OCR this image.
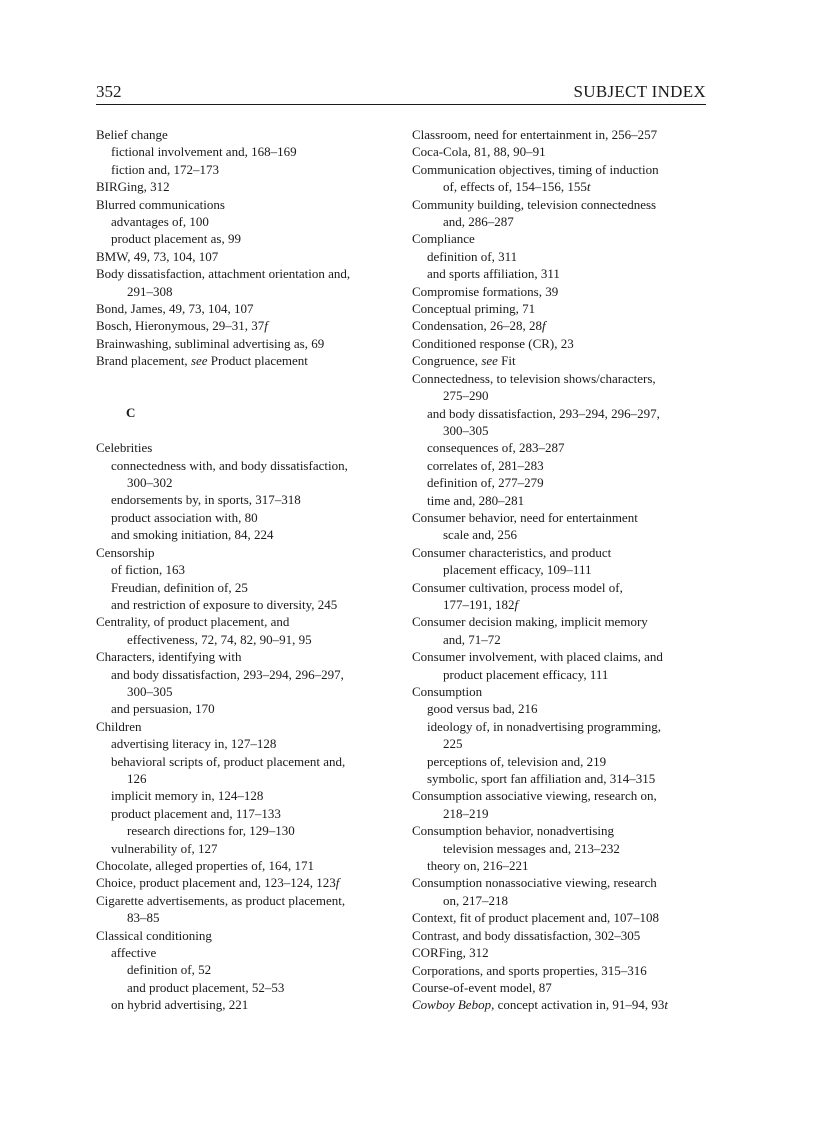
352	SUBJECT INDEX
Belief change
fictional involvement and, 168–169
fiction and, 172–173
BIRGing, 312
Blurred communications
advantages of, 100
product placement as, 99
BMW, 49, 73, 104, 107
Body dissatisfaction, attachment orientation and,
291–308
Bond, James, 49, 73, 104, 107
Bosch, Hieronymous, 29–31, 37f
Brainwashing, subliminal advertising as, 69
Brand placement, see Product placement
C
Celebrities
connectedness with, and body dissatisfaction,
300–302
endorsements by, in sports, 317–318
product association with, 80
and smoking initiation, 84, 224
Censorship
of fiction, 163
Freudian, definition of, 25
and restriction of exposure to diversity, 245
Centrality, of product placement, and
effectiveness, 72, 74, 82, 90–91, 95
Characters, identifying with
and body dissatisfaction, 293–294, 296–297,
300–305
and persuasion, 170
Children
advertising literacy in, 127–128
behavioral scripts of, product placement and,
126
implicit memory in, 124–128
product placement and, 117–133
research directions for, 129–130
vulnerability of, 127
Chocolate, alleged properties of, 164, 171
Choice, product placement and, 123–124, 123f
Cigarette advertisements, as product placement,
83–85
Classical conditioning
affective
definition of, 52
and product placement, 52–53
on hybrid advertising, 221
Classroom, need for entertainment in, 256–257
Coca-Cola, 81, 88, 90–91
Communication objectives, timing of induction
of, effects of, 154–156, 155t
Community building, television connectedness
and, 286–287
Compliance
definition of, 311
and sports affiliation, 311
Compromise formations, 39
Conceptual priming, 71
Condensation, 26–28, 28f
Conditioned response (CR), 23
Congruence, see Fit
Connectedness, to television shows/characters,
275–290
and body dissatisfaction, 293–294, 296–297,
300–305
consequences of, 283–287
correlates of, 281–283
definition of, 277–279
time and, 280–281
Consumer behavior, need for entertainment
scale and, 256
Consumer characteristics, and product
placement efficacy, 109–111
Consumer cultivation, process model of,
177–191, 182f
Consumer decision making, implicit memory
and, 71–72
Consumer involvement, with placed claims, and
product placement efficacy, 111
Consumption
good versus bad, 216
ideology of, in nonadvertising programming,
225
perceptions of, television and, 219
symbolic, sport fan affiliation and, 314–315
Consumption associative viewing, research on,
218–219
Consumption behavior, nonadvertising
television messages and, 213–232
theory on, 216–221
Consumption nonassociative viewing, research
on, 217–218
Context, fit of product placement and, 107–108
Contrast, and body dissatisfaction, 302–305
CORFing, 312
Corporations, and sports properties, 315–316
Course-of-event model, 87
Cowboy Bebop, concept activation in, 91–94, 93t
